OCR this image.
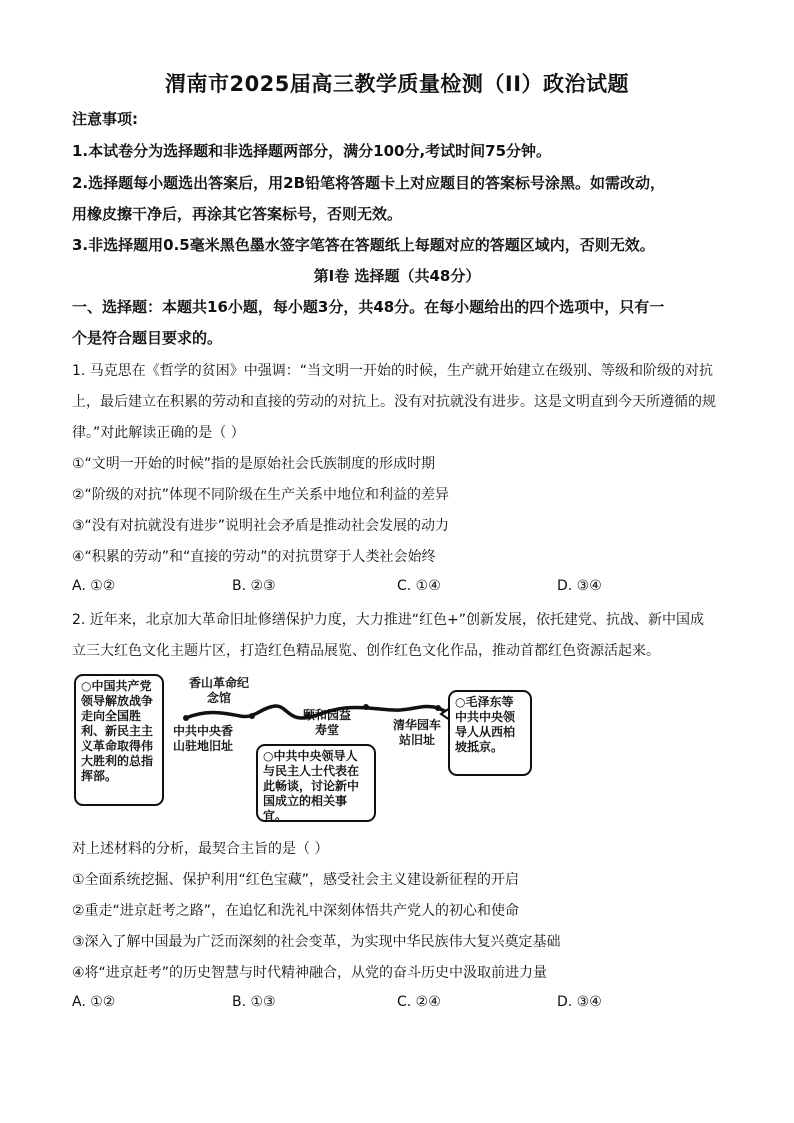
渭南市2025届高三教学质量检测（II）政治试题
注意事项:
1.本试卷分为选择题和非选择题两部分，满分100分,考试时间75分钟。
2.选择题每小题选出答案后，用2B铅笔将答题卡上对应题目的答案标号涂黑。如需改动，
用橡皮擦干净后，再涂其它答案标号，否则无效。
3.非选择题用0.5毫米黑色墨水签字笔答在答题纸上每题对应的答题区域内，否则无效。
第Ⅰ卷 选择题（共48分）
一、选择题：本题共16小题，每小题3分，共48分。在每小题给出的四个选项中，只有一
个是符合题目要求的。
1. 马克思在《哲学的贫困》中强调：“当文明一开始的时候，生产就开始建立在级别、等级和阶级的对抗
上，最后建立在积累的劳动和直接的劳动的对抗上。没有对抗就没有进步。这是文明直到今天所遵循的规
律。”对此解读正确的是（ ）
①“文明一开始的时候”指的是原始社会氏族制度的形成时期
②“阶级的对抗”体现不同阶级在生产关系中地位和利益的差异
③“没有对抗就没有进步”说明社会矛盾是推动社会发展的动力
④“积累的劳动”和“直接的劳动”的对抗贯穿于人类社会始终
A. ①②	B. ②③	C. ①④	D. ③④
2. 近年来，北京加大革命旧址修缮保护力度，大力推进“红色+”创新发展，依托建党、抗战、新中国成
立三大红色文化主题片区，打造红色精品展览、创作红色文化作品，推动首都红色资源活起来。
○中国共产党领导解放战争走向全国胜利、新民主主义革命取得伟大胜利的总指挥部。
香山革命纪念馆
中共中央香山驻地旧址
颐和园益寿堂
○中共中央领导人与民主人士代表在此畅谈，讨论新中国成立的相关事宜。
清华园车站旧址
○毛泽东等中共中央领导人从西柏坡抵京。
对上述材料的分析，最契合主旨的是（ ）
①全面系统挖掘、保护利用“红色宝藏”，感受社会主义建设新征程的开启
②重走“进京赶考之路”，在追忆和洗礼中深刻体悟共产党人的初心和使命
③深入了解中国最为广泛而深刻的社会变革，为实现中华民族伟大复兴奠定基础
④将“进京赶考”的历史智慧与时代精神融合，从党的奋斗历史中汲取前进力量
A. ①②	B. ①③	C. ②④	D. ③④
